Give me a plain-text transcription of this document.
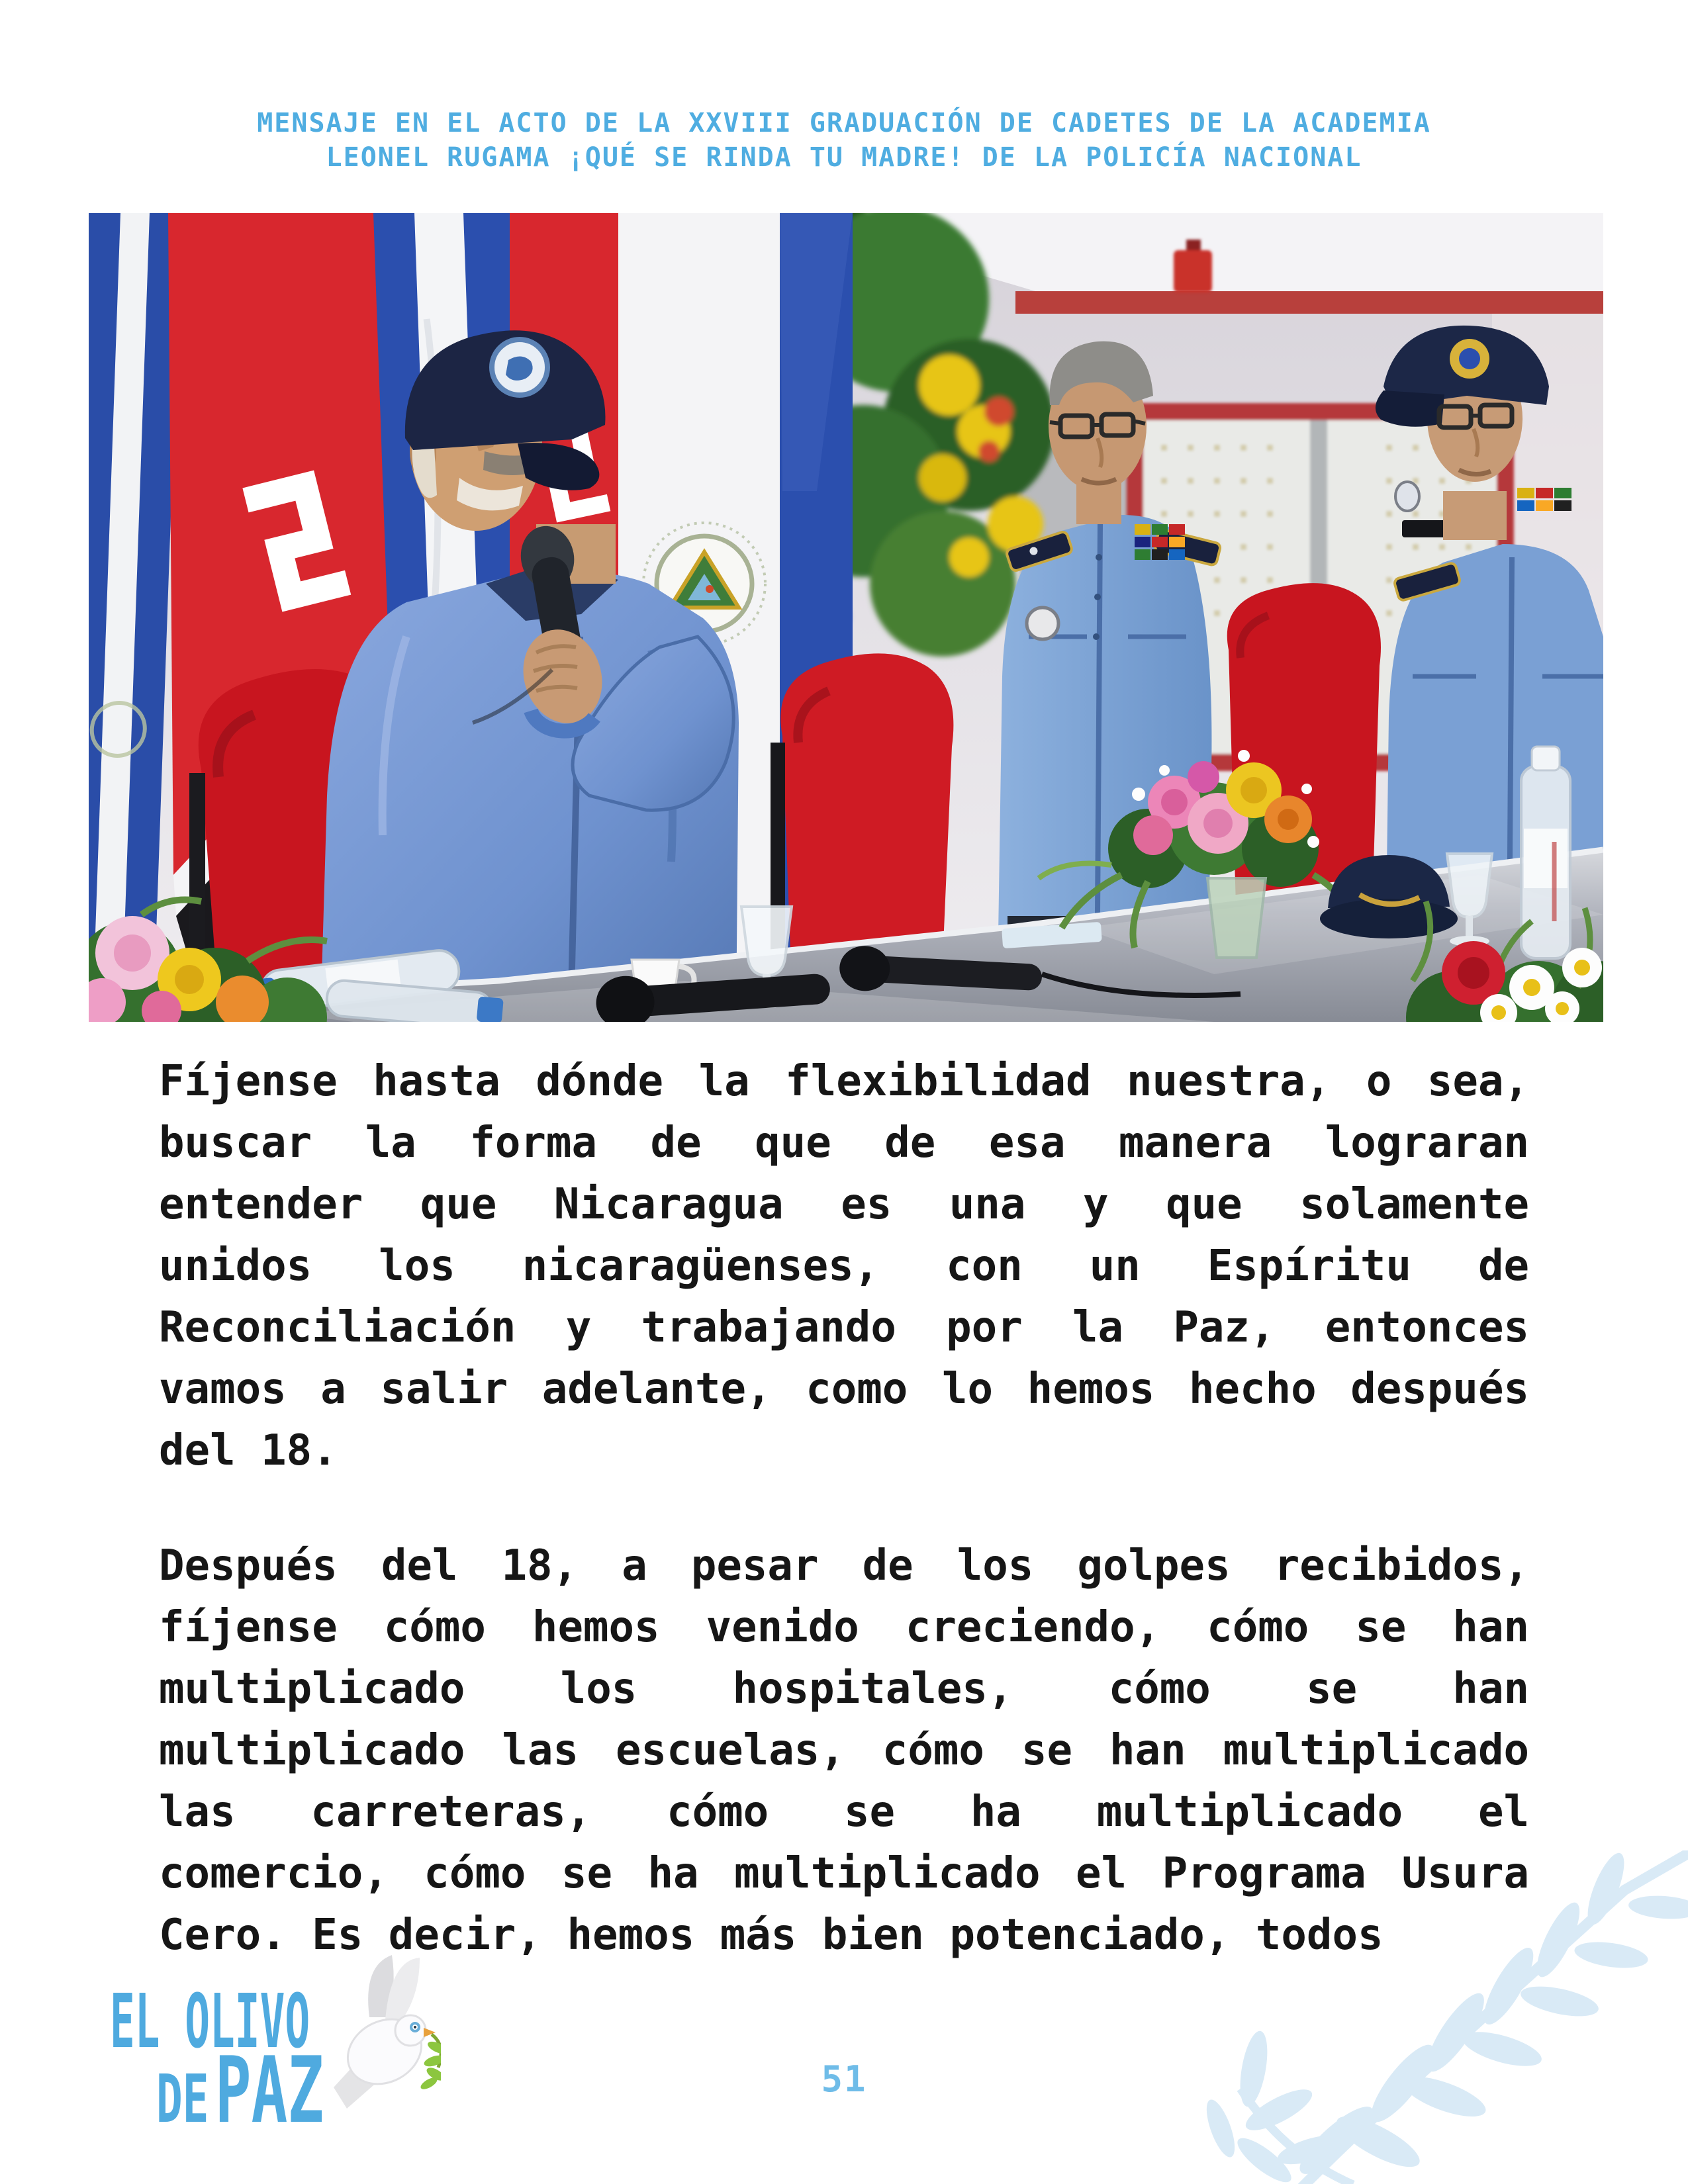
MENSAJE EN EL ACTO DE LA XXVIII GRADUACIÓN DE CADETES DE LA ACADEMIA
LEONEL RUGAMA ¡QUÉ SE RINDA TU MADRE! DE LA POLICÍA NACIONAL
Fíjense hasta dónde la flexibilidad nuestra, o sea,
buscar la forma de que de esa manera lograran
entender que Nicaragua es una y que solamente
unidos los nicaragüenses, con un Espíritu de
Reconciliación y trabajando por la Paz, entonces
vamos a salir adelante, como lo hemos hecho después
del 18.
Después del 18, a pesar de los golpes recibidos,
fíjense cómo hemos venido creciendo, cómo se han
multiplicado los hospitales, cómo se han
multiplicado las escuelas, cómo se han multiplicado
las carreteras, cómo se ha multiplicado el
comercio, cómo se ha multiplicado el Programa Usura
Cero. Es decir, hemos más bien potenciado, todos
EL OLIVO
DEPAZ	51
